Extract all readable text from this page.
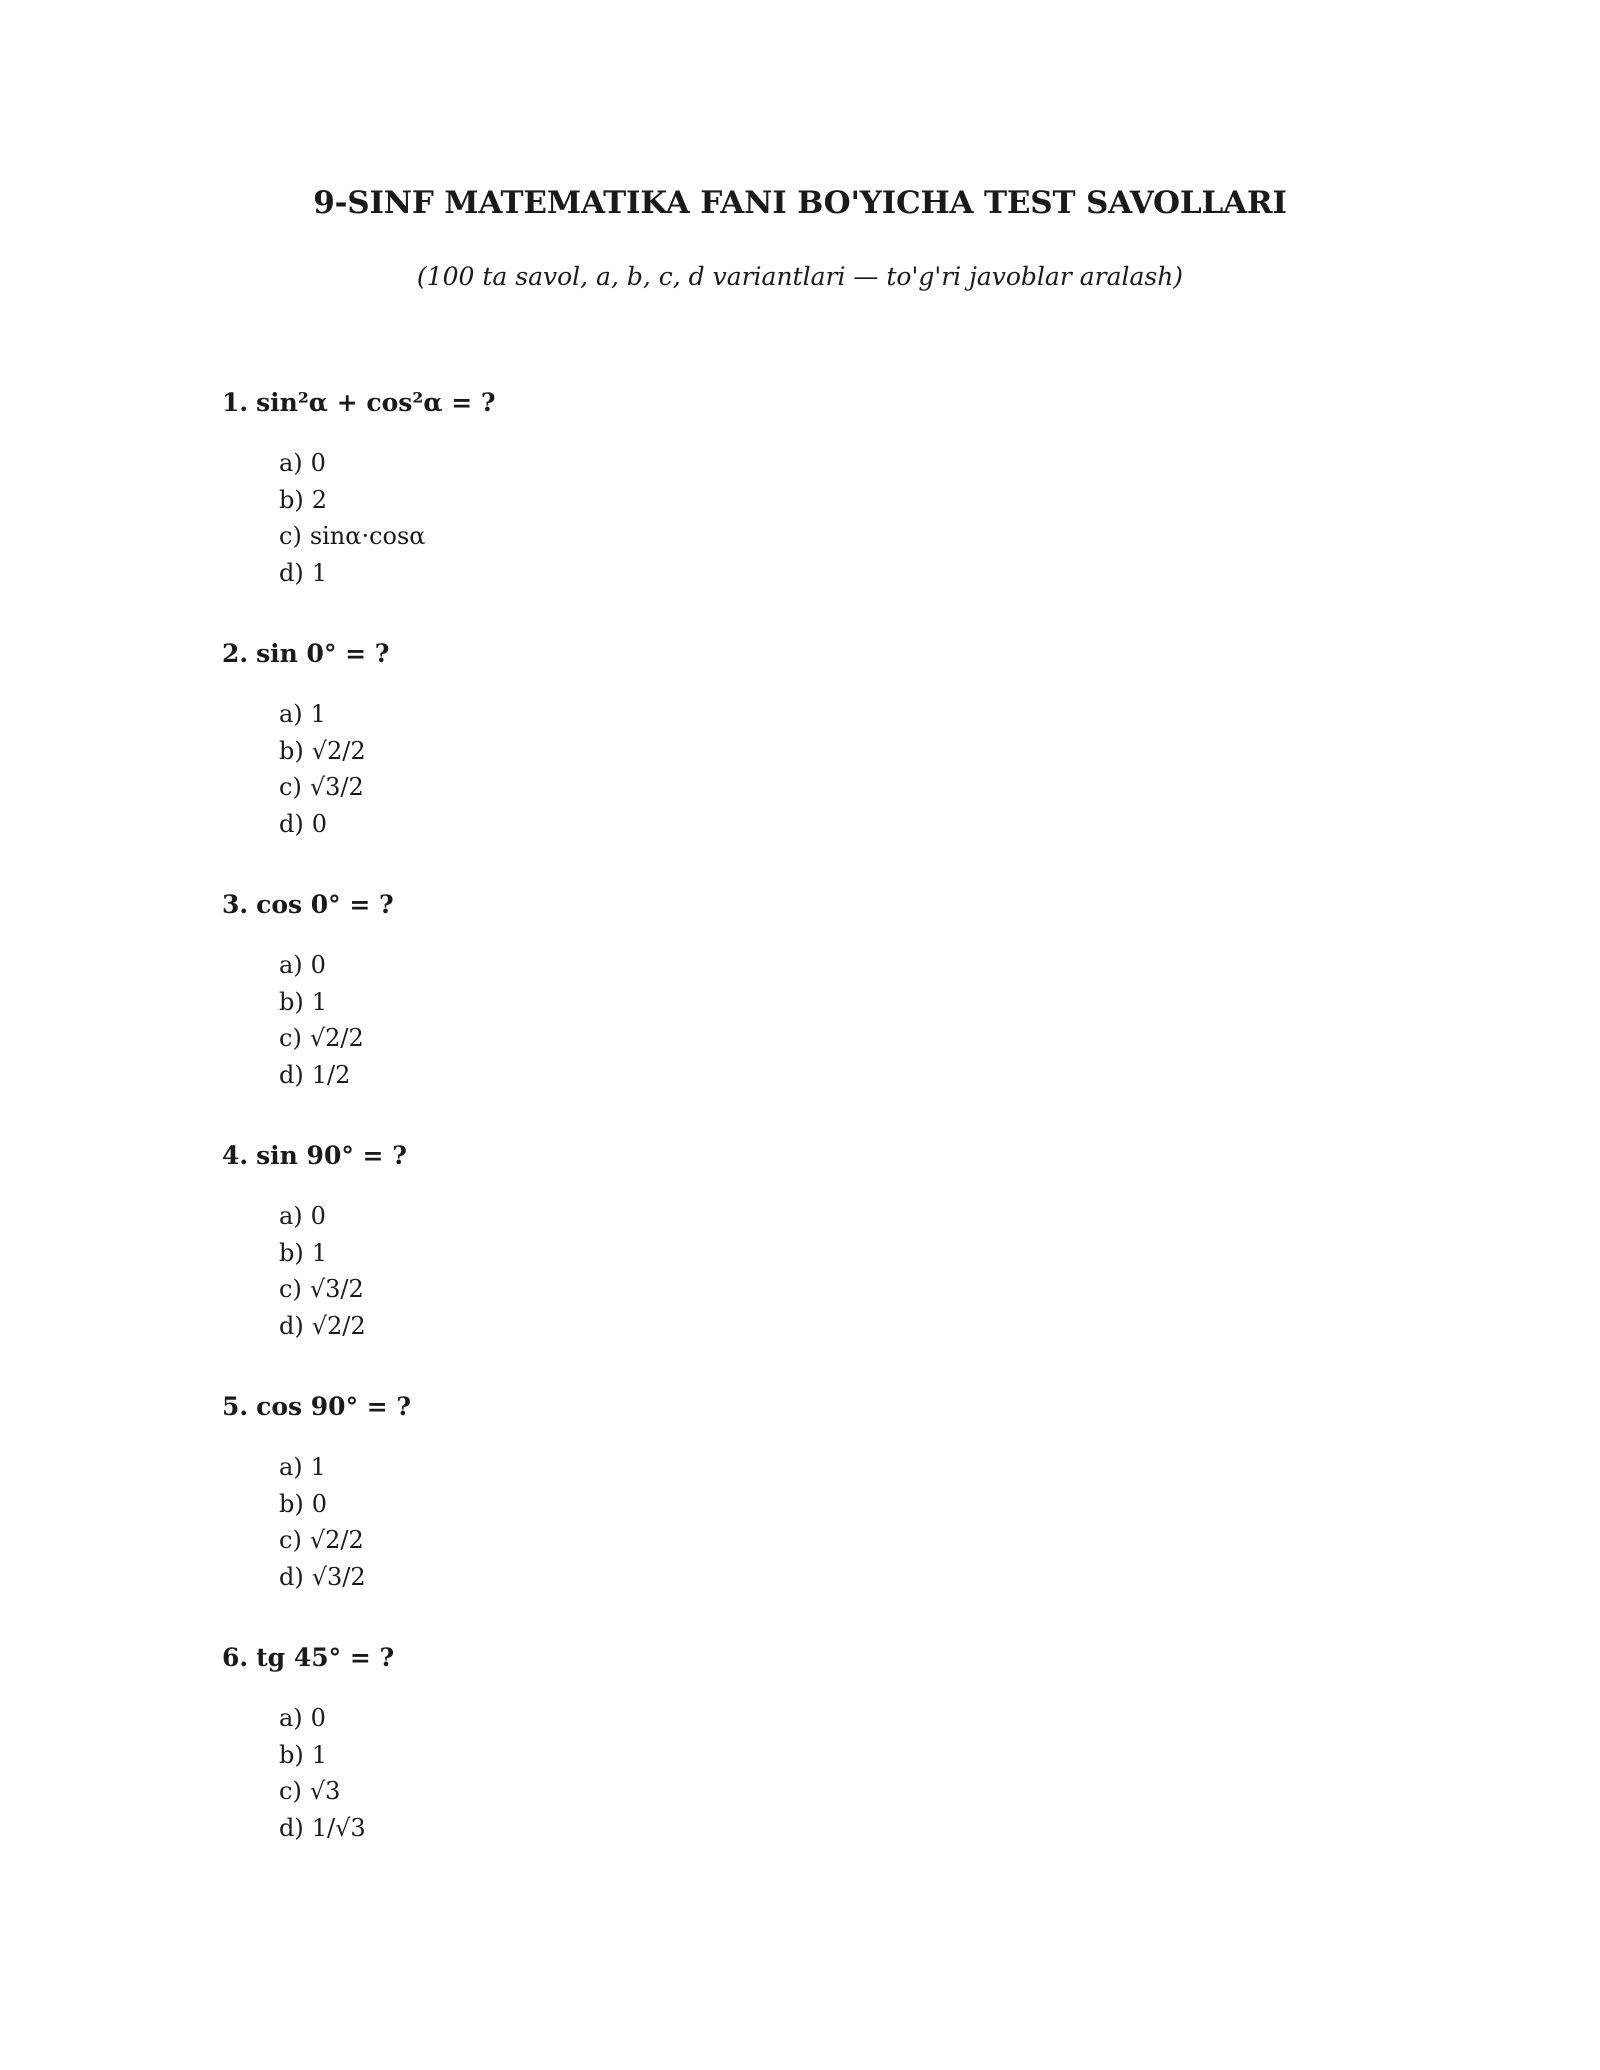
9-SINF MATEMATIKA FANI BO'YICHA TEST SAVOLLARI
(100 ta savol, a, b, c, d variantlari — to'g'ri javoblar aralash)
1. sin²α + cos²α = ?
a) 0
b) 2
c) sinα·cosα
d) 1
2. sin 0° = ?
a) 1
b) √2/2
c) √3/2
d) 0
3. cos 0° = ?
a) 0
b) 1
c) √2/2
d) 1/2
4. sin 90° = ?
a) 0
b) 1
c) √3/2
d) √2/2
5. cos 90° = ?
a) 1
b) 0
c) √2/2
d) √3/2
6. tg 45° = ?
a) 0
b) 1
c) √3
d) 1/√3
